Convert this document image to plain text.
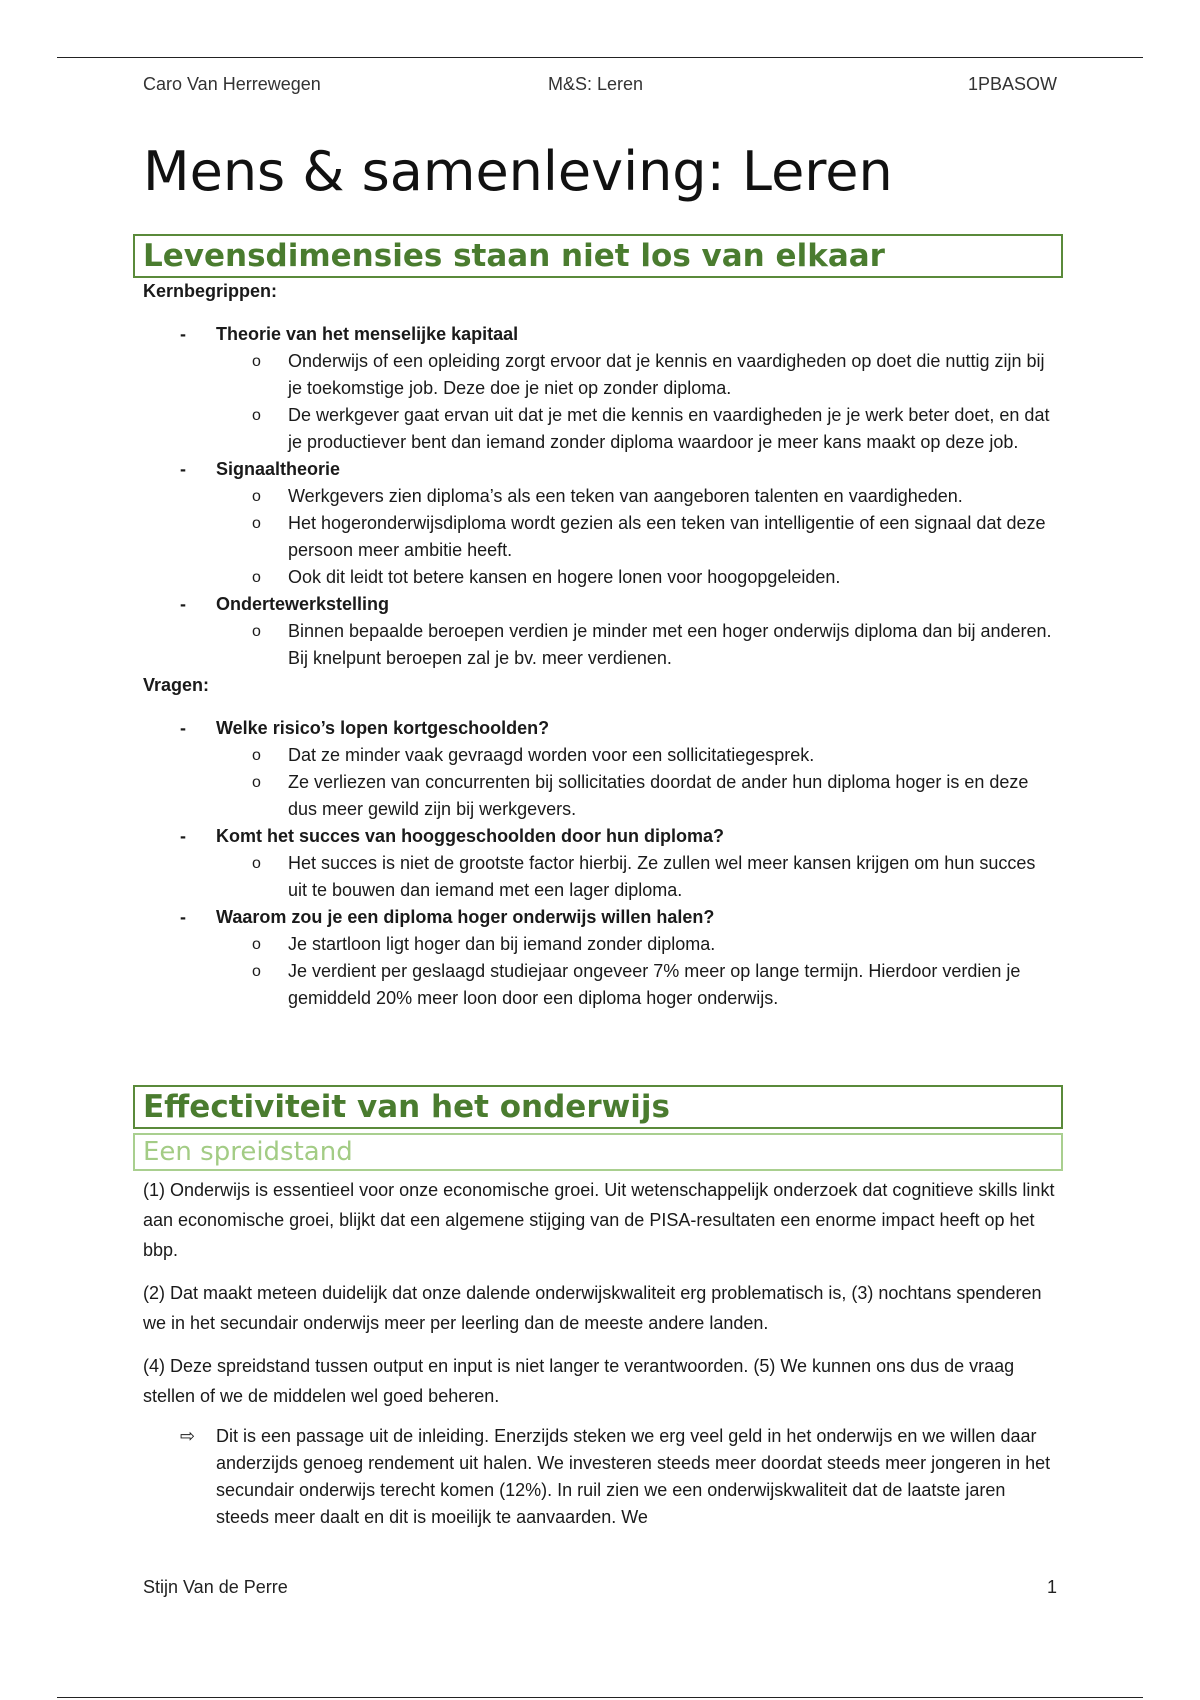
Caro Van Herrewegen	M&S: Leren	1PBASOW
Mens & samenleving: Leren
Levensdimensies staan niet los van elkaar
Kernbegrippen:
- Theorie van het menselijke kapitaal
o Onderwijs of een opleiding zorgt ervoor dat je kennis en vaardigheden op doet die nuttig zijn bij je toekomstige job. Deze doe je niet op zonder diploma.
o De werkgever gaat ervan uit dat je met die kennis en vaardigheden je je werk beter doet, en dat je productiever bent dan iemand zonder diploma waardoor je meer kans maakt op deze job.
- Signaaltheorie
o Werkgevers zien diploma’s als een teken van aangeboren talenten en vaardigheden.
o Het hogeronderwijsdiploma wordt gezien als een teken van intelligentie of een signaal dat deze persoon meer ambitie heeft.
o Ook dit leidt tot betere kansen en hogere lonen voor hoogopgeleiden.
- Ondertewerkstelling
o Binnen bepaalde beroepen verdien je minder met een hoger onderwijs diploma dan bij anderen. Bij knelpunt beroepen zal je bv. meer verdienen.
Vragen:
- Welke risico’s lopen kortgeschoolden?
o Dat ze minder vaak gevraagd worden voor een sollicitatiegesprek.
o Ze verliezen van concurrenten bij sollicitaties doordat de ander hun diploma hoger is en deze dus meer gewild zijn bij werkgevers.
- Komt het succes van hooggeschoolden door hun diploma?
o Het succes is niet de grootste factor hierbij. Ze zullen wel meer kansen krijgen om hun succes uit te bouwen dan iemand met een lager diploma.
- Waarom zou je een diploma hoger onderwijs willen halen?
o Je startloon ligt hoger dan bij iemand zonder diploma.
o Je verdient per geslaagd studiejaar ongeveer 7% meer op lange termijn. Hierdoor verdien je gemiddeld 20% meer loon door een diploma hoger onderwijs.
Effectiviteit van het onderwijs
Een spreidstand

(1) Onderwijs is essentieel voor onze economische groei. Uit wetenschappelijk onderzoek dat cognitieve skills linkt aan economische groei, blijkt dat een algemene stijging van de PISA-resultaten een enorme impact heeft op het bbp.

(2) Dat maakt meteen duidelijk dat onze dalende onderwijskwaliteit erg problematisch is, (3) nochtans spenderen we in het secundair onderwijs meer per leerling dan de meeste andere landen.

(4) Deze spreidstand tussen output en input is niet langer te verantwoorden. (5) We kunnen ons dus de vraag stellen of we de middelen wel goed beheren.

⇨ Dit is een passage uit de inleiding. Enerzijds steken we erg veel geld in het onderwijs en we willen daar anderzijds genoeg rendement uit halen. We investeren steeds meer doordat steeds meer jongeren in het secundair onderwijs terecht komen (12%). In ruil zien we een onderwijskwaliteit dat de laatste jaren steeds meer daalt en dit is moeilijk te aanvaarden. We
Stijn Van de Perre	1
